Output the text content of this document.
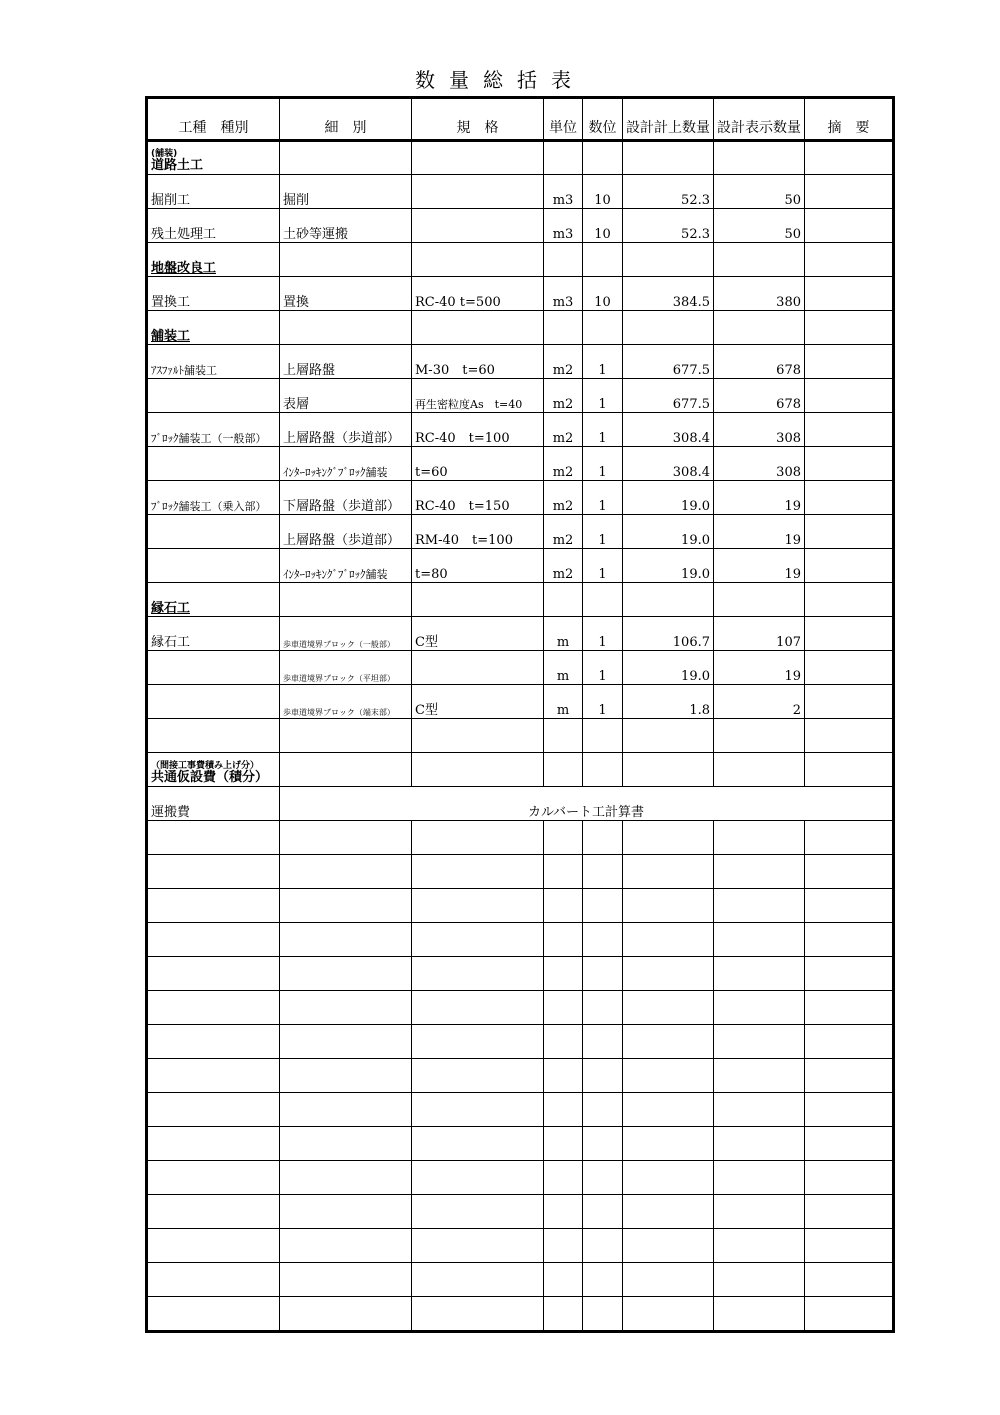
数量総括表
工種　種別	細　別	規　格	単位	数位	設計計上数量	設計表示数量	摘　要

(舗装)
道路土工							
掘削工	掘削		m3	10	52.3	50	
残土処理工	土砂等運搬		m3	10	52.3	50	
地盤改良工							
置換工	置換	RC-40 t=500	m3	10	384.5	380	
舗装工							
ｱｽﾌｧﾙﾄ舗装工	上層路盤	M-30　t=60	m2	1	677.5	678	
	表層	再生密粒度As　t=40	m2	1	677.5	678	
ﾌﾞﾛｯｸ舗装工（一般部）	上層路盤（歩道部）	RC-40　t=100	m2	1	308.4	308	
	ｲﾝﾀｰﾛｯｷﾝｸﾞﾌﾞﾛｯｸ舗装	t=60	m2	1	308.4	308	
ﾌﾞﾛｯｸ舗装工（乗入部）	下層路盤（歩道部）	RC-40　t=150	m2	1	19.0	19	
	上層路盤（歩道部）	RM-40　t=100	m2	1	19.0	19	
	ｲﾝﾀｰﾛｯｷﾝｸﾞﾌﾞﾛｯｸ舗装	t=80	m2	1	19.0	19	
縁石工							
縁石工	歩車道境界ブロック（一般部）	C型	m	1	106.7	107	
	歩車道境界ブロック（平坦部）		m	1	19.0	19	
	歩車道境界ブロック（端末部）	C型	m	1	1.8	2	

（間接工事費積み上げ分）
共通仮設費（積分）							
運搬費	カルバート工計算書						
